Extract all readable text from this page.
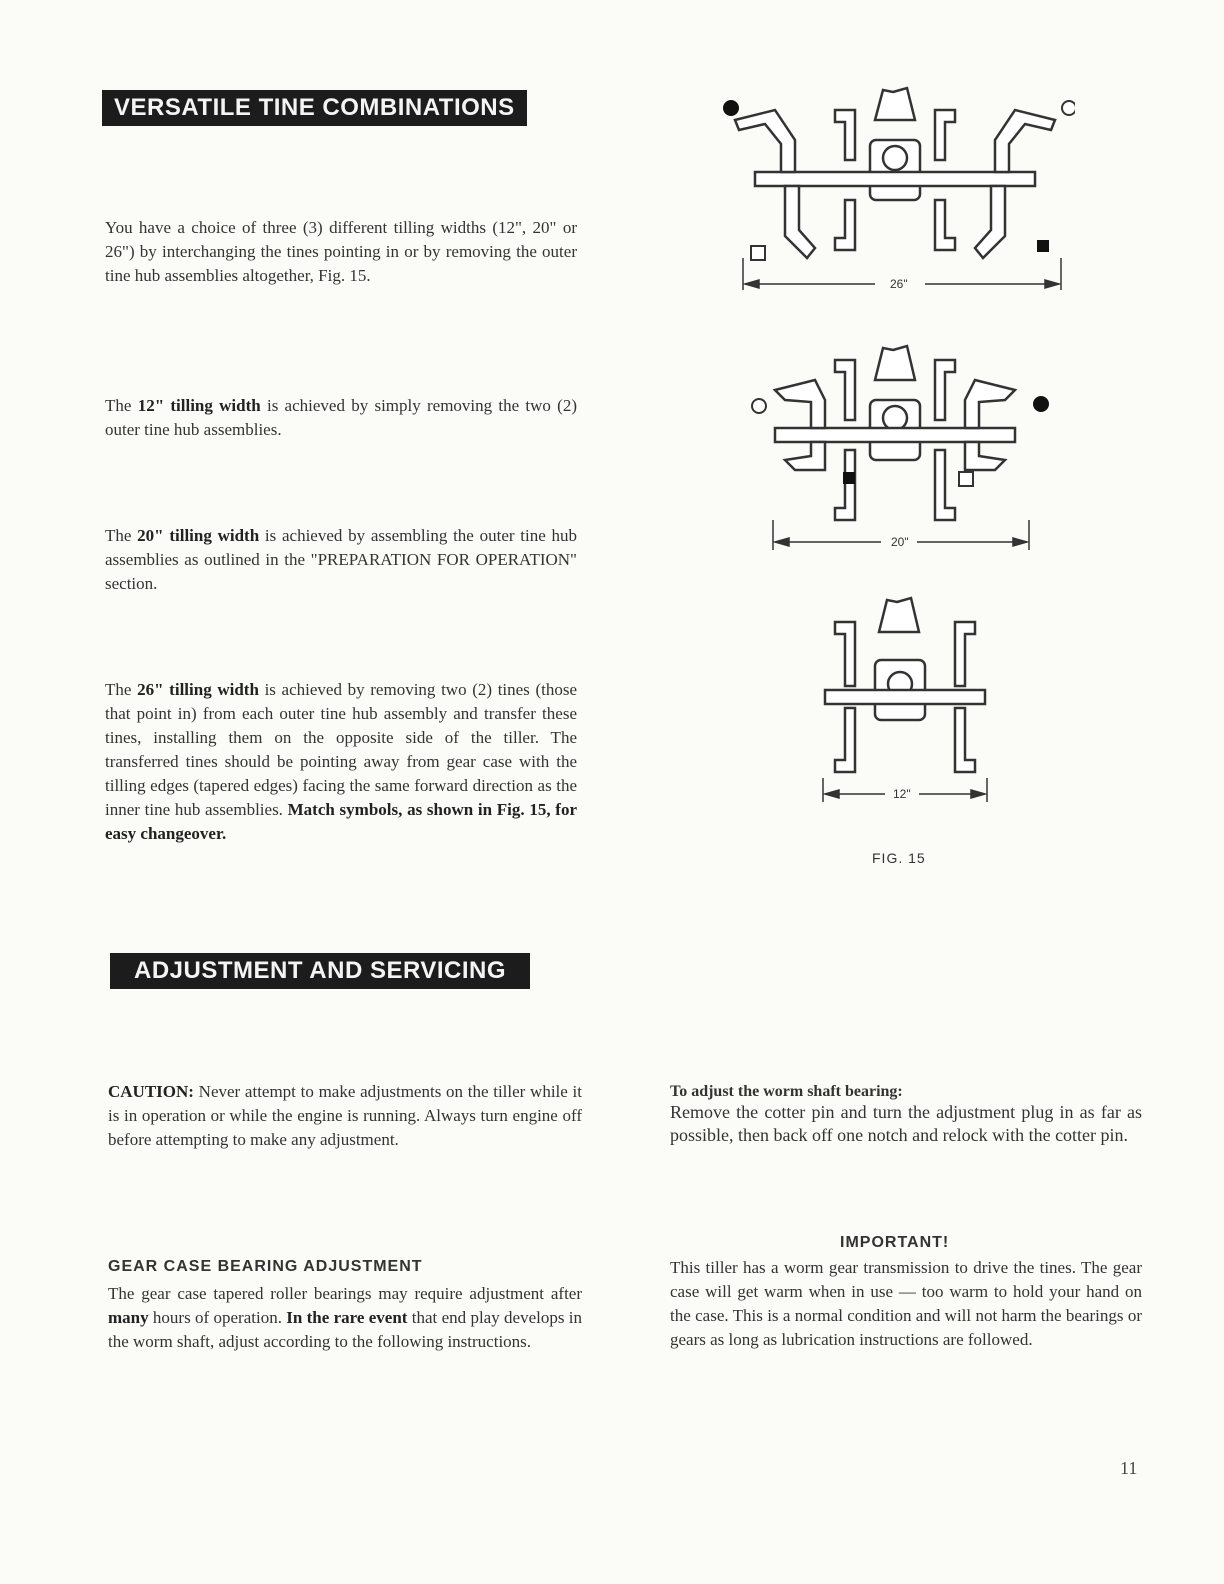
VERSATILE TINE COMBINATIONS
You have a choice of three (3) different tilling widths (12", 20" or 26") by interchanging the tines pointing in or by removing the outer tine hub assemblies altogether, Fig. 15.
The 12" tilling width is achieved by simply removing the two (2) outer tine hub assemblies.
The 20" tilling width is achieved by assembling the outer tine hub assemblies as outlined in the "PREPARATION FOR OPERATION" section.
The 26" tilling width is achieved by removing two (2) tines (those that point in) from each outer tine hub assembly and transfer these tines, installing them on the opposite side of the tiller. The transferred tines should be pointing away from gear case with the tilling edges (tapered edges) facing the same forward direction as the inner tine hub assemblies. Match symbols, as shown in Fig. 15, for easy changeover.
26"
20"
12"
FIG. 15
ADJUSTMENT AND SERVICING
CAUTION: Never attempt to make adjustments on the tiller while it is in operation or while the engine is running. Always turn engine off before attempting to make any adjustment.
GEAR CASE BEARING ADJUSTMENT
The gear case tapered roller bearings may require adjustment after many hours of operation. In the rare event that end play develops in the worm shaft, adjust according to the following instructions.
To adjust the worm shaft bearing:
Remove the cotter pin and turn the adjustment plug in as far as possible, then back off one notch and relock with the cotter pin.
IMPORTANT!
This tiller has a worm gear transmission to drive the tines. The gear case will get warm when in use — too warm to hold your hand on the case. This is a normal condition and will not harm the bearings or gears as long as lubrication instructions are followed.
11
